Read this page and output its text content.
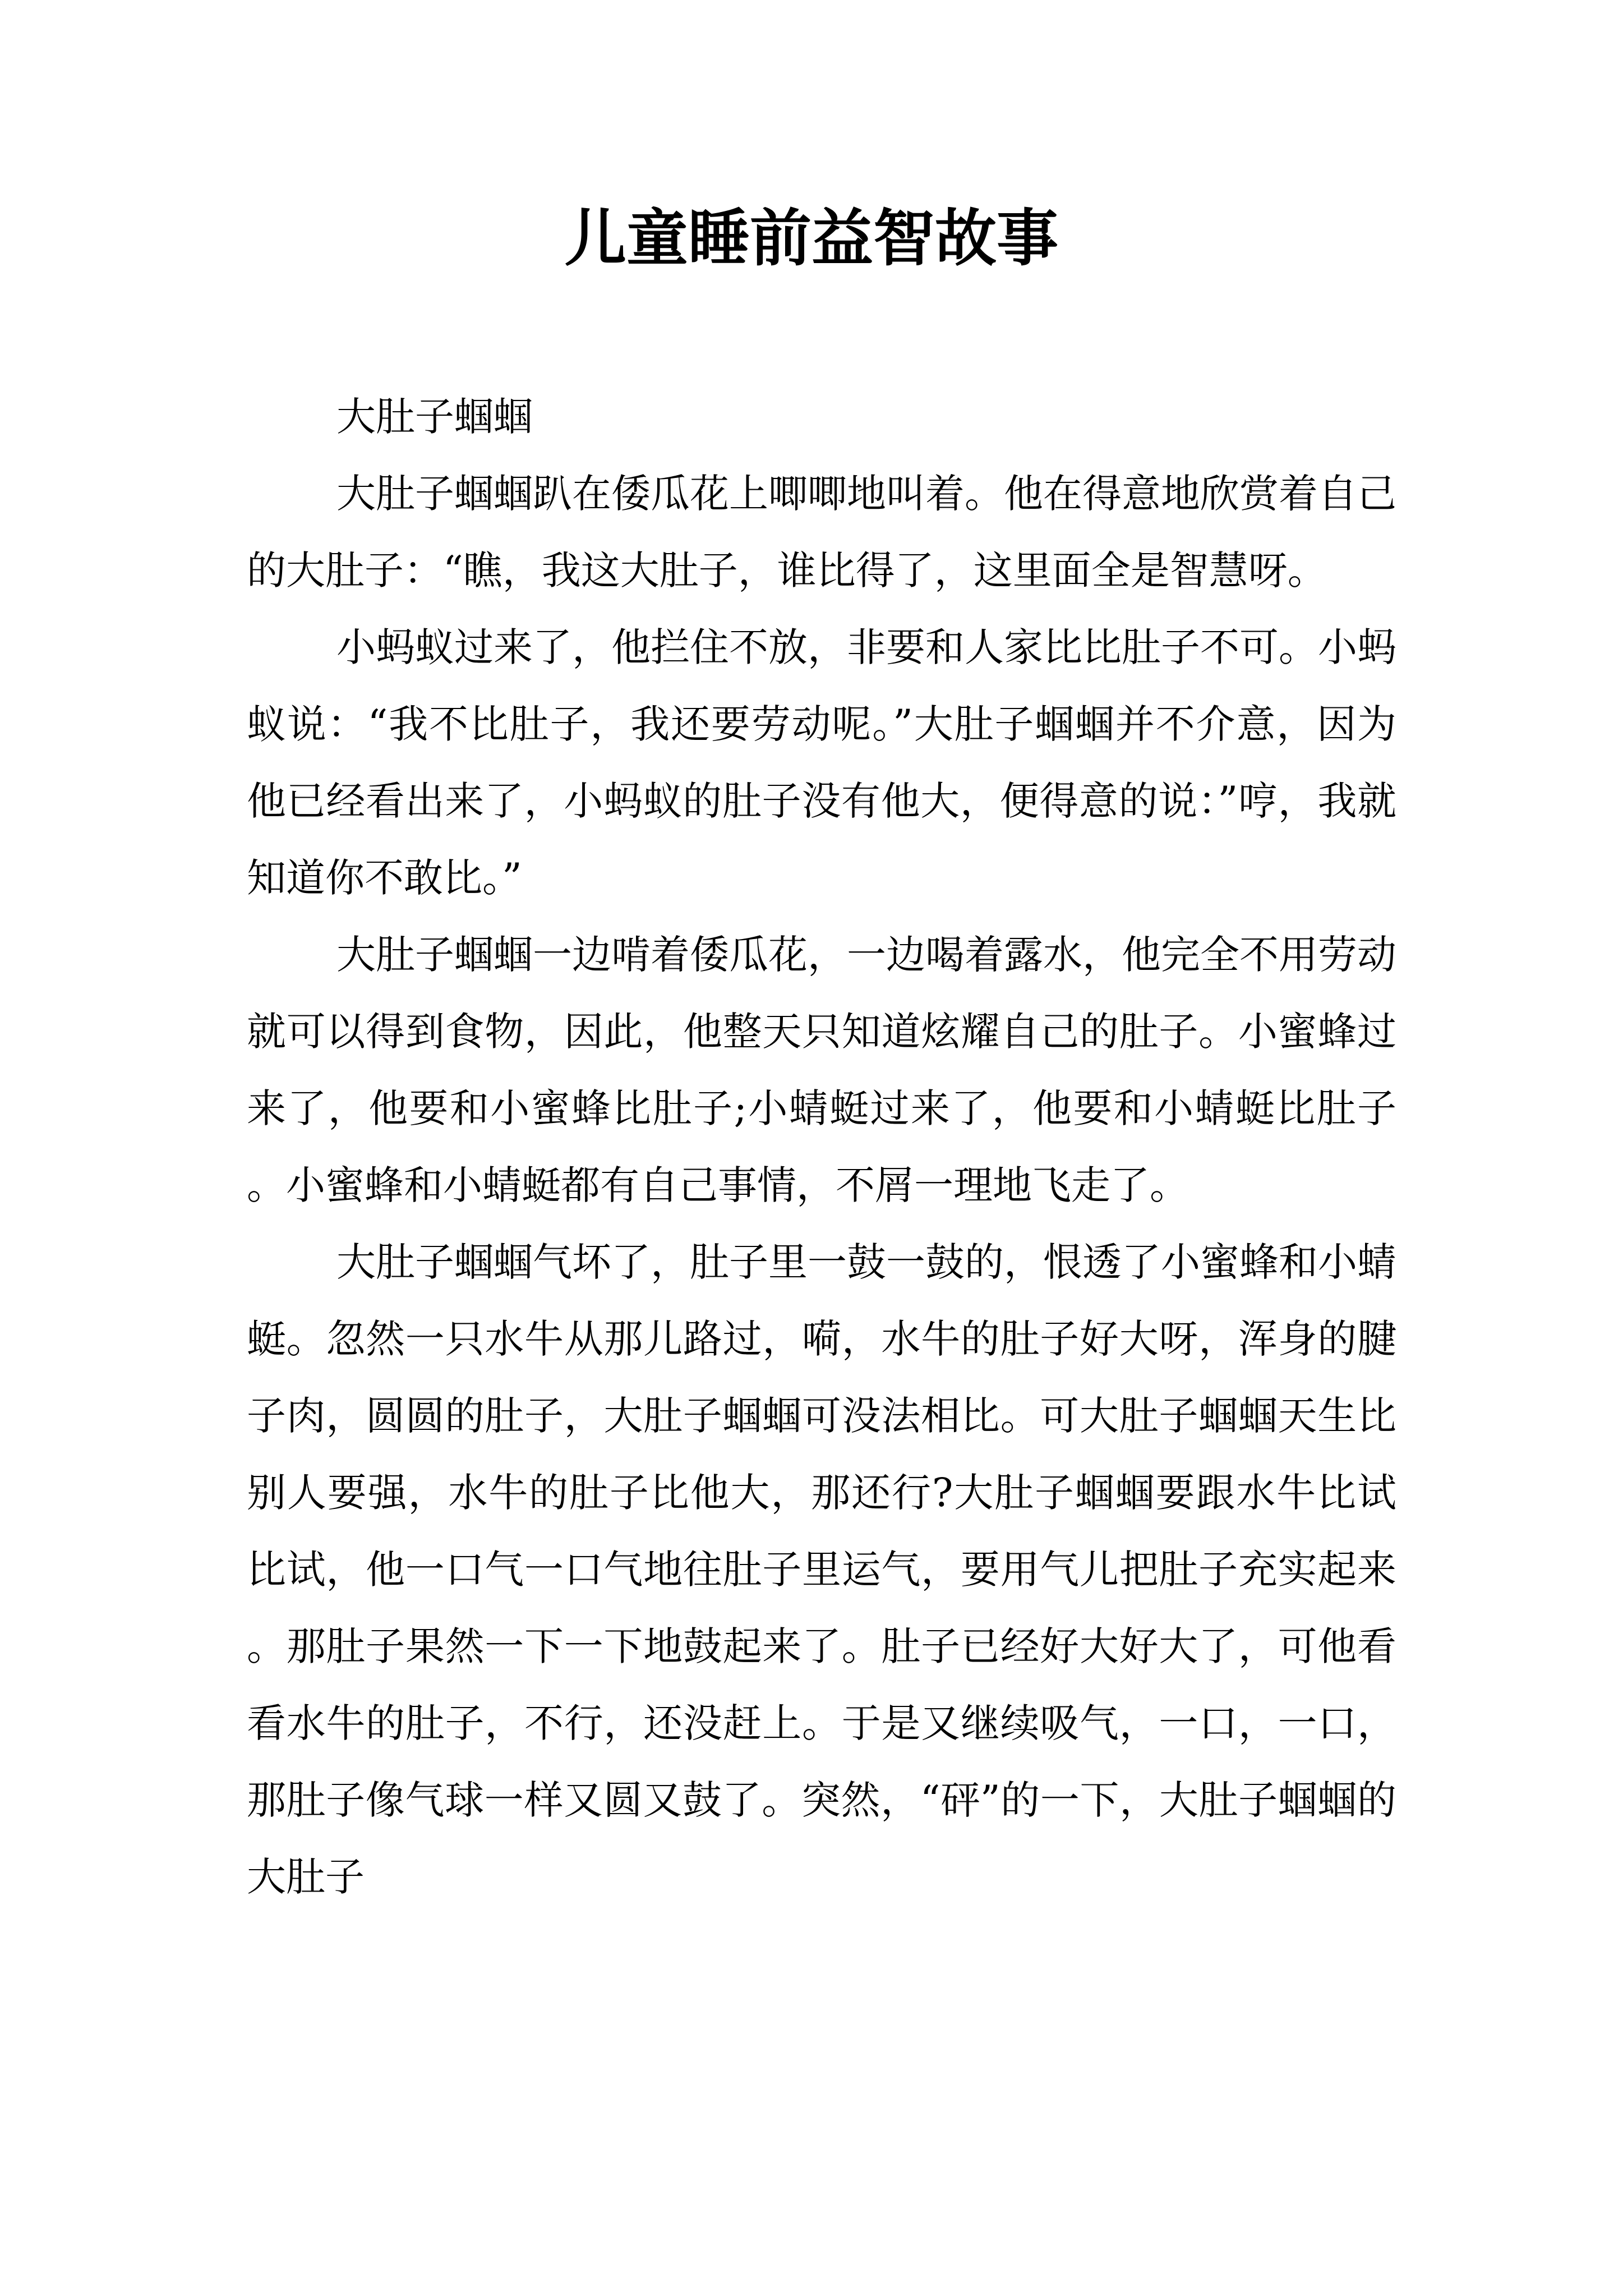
儿童睡前益智故事

大肚子蝈蝈

大肚子蝈蝈趴在倭瓜花上唧唧地叫着。他在得意地欣赏着自己的大肚子：“瞧，我这大肚子，谁比得了，这里面全是智慧呀。

小蚂蚁过来了，他拦住不放，非要和人家比比肚子不可。小蚂蚁说：“我不比肚子，我还要劳动呢。”大肚子蝈蝈并不介意，因为他已经看出来了，小蚂蚁的肚子没有他大，便得意的说：”哼，我就知道你不敢比。”

大肚子蝈蝈一边啃着倭瓜花，一边喝着露水，他完全不用劳动就可以得到食物，因此，他整天只知道炫耀自己的肚子。小蜜蜂过来了，他要和小蜜蜂比肚子;小蜻蜓过来了，他要和小蜻蜓比肚子。小蜜蜂和小蜻蜓都有自己事情，不屑一理地飞走了。

大肚子蝈蝈气坏了，肚子里一鼓一鼓的，恨透了小蜜蜂和小蜻蜓。忽然一只水牛从那儿路过，嗬，水牛的肚子好大呀，浑身的腱子肉，圆圆的肚子，大肚子蝈蝈可没法相比。可大肚子蝈蝈天生比别人要强，水牛的肚子比他大，那还行?大肚子蝈蝈要跟水牛比试比试，他一口气一口气地往肚子里运气，要用气儿把肚子充实起来。那肚子果然一下一下地鼓起来了。肚子已经好大好大了，可他看看水牛的肚子，不行，还没赶上。于是又继续吸气，一口，一口，那肚子像气球一样又圆又鼓了。突然，“砰”的一下，大肚子蝈蝈的大肚子
